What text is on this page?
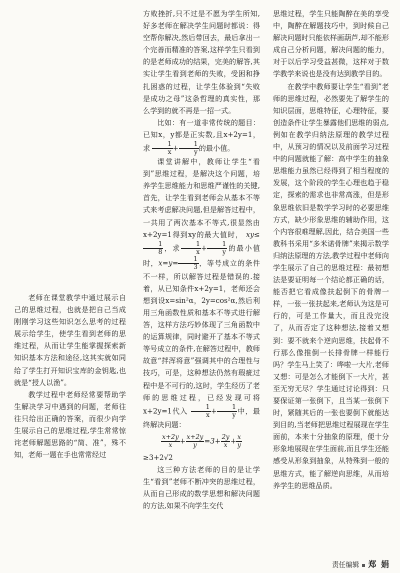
老师在课堂教学中通过展示自己的思维过程，也就是把自己当成刚刚学习这些知识怎么思考的过程展示给学生，使学生看到老师的思维过程，从而让学生能掌握探索新知识基本方法和途径,这其实就如同给了学生打开知识宝库的金钥匙,也就是“授人以渔”。

教学过程中老师经常要帮助学生解决学习中遇到的问题，老师往往只给出正确的答案，而很少向学生展示自己的思维过程,学生常常惊诧老师解题思路的“简、准”，殊不知，老师一题在手也常常经过

方败挫折,只不过是不愿为学生所知,好多老师在解决学生问题时都说：得空帮你解决,然后带回去，最后拿出一个完善而精准的答案,这样学生只看到的是老师成功的结果，完美的解答,其实让学生看到老师的失败，受困和挣扎困惑的过程，让学生体验到“失败是成功之母”这条哲理的真实性，那么学到的就不再是一招一式。

比如：有一道非常传统的题目：已知x，y都是正实数,且x+2y=1，求 $\frac{1}{x} + \frac{1}{y}$ 的最小值。

课堂讲解中，教师让学生“看到”思维过程，是解决这个问题，培养学生思维能力和思维严谨性的关键,首先，让学生看到老师会从基本不等式来考虑解决问题,但是解答过程中，一共用了两次基本不等式,很显然由x+2y=1得到xy的最大值时， xy≤
$\frac{1}{8}$ ，求 $\frac{1}{x} + \frac{1}{y}$ 的最小值时，$x=y= \frac{1}{3}$ ，等号成立的条件不一样，所以解答过程是错误的.接着，从已知条件x+2y=1，老师还会想到设x=sin²α，2y=cos²α,然后利用三角函数性质和基本不等式进行解答，这样方法巧妙体现了三角函数中的运算规律，同时避开了基本不等式等号成立的条件,在解答过程中，教师故意“拌浑将意”强调其中的合理性与技巧，可是，这种想法仍然有瑕疵过程中是不可行的,这时，学生经历了老师的思维过程，已经发现可将x+2y=1代入 $\frac{1}{x} + \frac{1}{y}$ 中，最终解决问题：

$\frac{x+2y}{x} + \frac{x+2y}{y} =3+ \frac{2y}{x} + \frac{x}{y}$

≥3+2√2

这三种方法老师的目的是让学生“看到”老师不断冲突的思维过程，从而自己形成的数学思想和解决问题的方法,如果不向学生交代

思维过程，学生只能陶醉在美的享受中，陶醉在解题技巧中，到时候自己解决问题时只能依样画葫芦,却不能形成自己分析问题，解决问题的能力，对于以后学习受益甚微，这样对于数学教学来说也是没有达到教学目的。

在教学中教师要让学生“看到”老师的思维过程，必然要先了解学生的知识层面，思维特征，心理特征，要创造条件让学生暴露他们思维的弱点,例如在教学归纳法原理的教学过程中，从预习的情况以及前面学习过程中的问题就能了解：高中学生的抽象思维能力虽然已经得到了相当程度的发展，这个阶段的学生心理也趋于稳定，探索的需求也非常高涨，但是形象思维依旧是数学学习时的必要思维方式，缺少形象思维的辅助作用，这个内容很难理解,因此，结合美国一些教科书采用“多米诺骨牌”来揭示数学归纳法原理的方法,教学过程中老师向学生展示了自己的思维过程：最初想法是要证明每一个结论都正确的话，能否把它看成像扶起倒下的骨牌一样，一张一张扶起来,老师认为这是可行的，可是工作量大，而且没完没了，从而否定了这种想法,接着又想到：要不就来个逆向思维，扶起骨不行那么像推倒一长排骨牌一样能行吗？学生马上笑了：哗啦一大片,老师又想：可是怎么才能倒下一大片，甚至无穷无尽？学生通过讨论得到：只要保证第一张倒下，且当某一张倒下时，紧随其后的一张也要倒下就能达到目的,当老师把思维过程展现在学生面前，本来十分抽象的原理，便十分形象地展现在学生面前,而且学生还能感受从形象到抽象，从特殊到一般的思维方式，能了解逆向思维，从而培养学生的思维品质。

责任编辑 郑 娟
